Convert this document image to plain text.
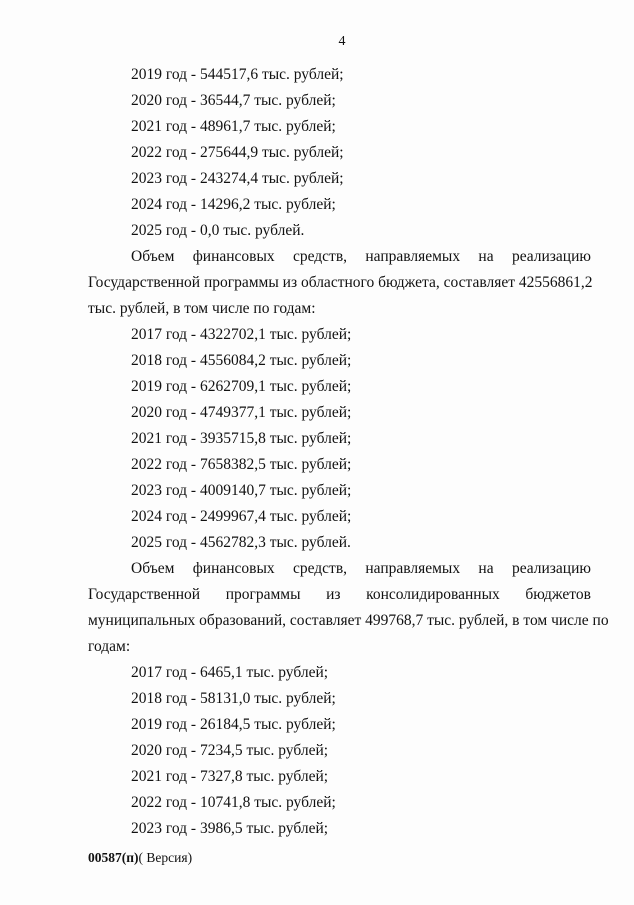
4
2019 год - 544517,6 тыс. рублей;
2020 год - 36544,7 тыс. рублей;
2021 год - 48961,7 тыс. рублей;
2022 год - 275644,9 тыс. рублей;
2023 год - 243274,4 тыс. рублей;
2024 год - 14296,2 тыс. рублей;
2025 год - 0,0 тыс. рублей.
Объем финансовых средств, направляемых на реализацию
Государственной программы из областного бюджета, составляет 42556861,2
тыс. рублей, в том числе по годам:
2017 год - 4322702,1 тыс. рублей;
2018 год - 4556084,2 тыс. рублей;
2019 год - 6262709,1 тыс. рублей;
2020 год - 4749377,1 тыс. рублей;
2021 год - 3935715,8 тыс. рублей;
2022 год - 7658382,5 тыс. рублей;
2023 год - 4009140,7 тыс. рублей;
2024 год - 2499967,4 тыс. рублей;
2025 год - 4562782,3 тыс. рублей.
Объем финансовых средств, направляемых на реализацию
Государственной программы из консолидированных бюджетов
муниципальных образований, составляет 499768,7 тыс. рублей, в том числе по
годам:
2017 год - 6465,1 тыс. рублей;
2018 год - 58131,0 тыс. рублей;
2019 год - 26184,5 тыс. рублей;
2020 год - 7234,5 тыс. рублей;
2021 год - 7327,8 тыс. рублей;
2022 год - 10741,8 тыс. рублей;
2023 год - 3986,5 тыс. рублей;
00587(п)( Версия)
